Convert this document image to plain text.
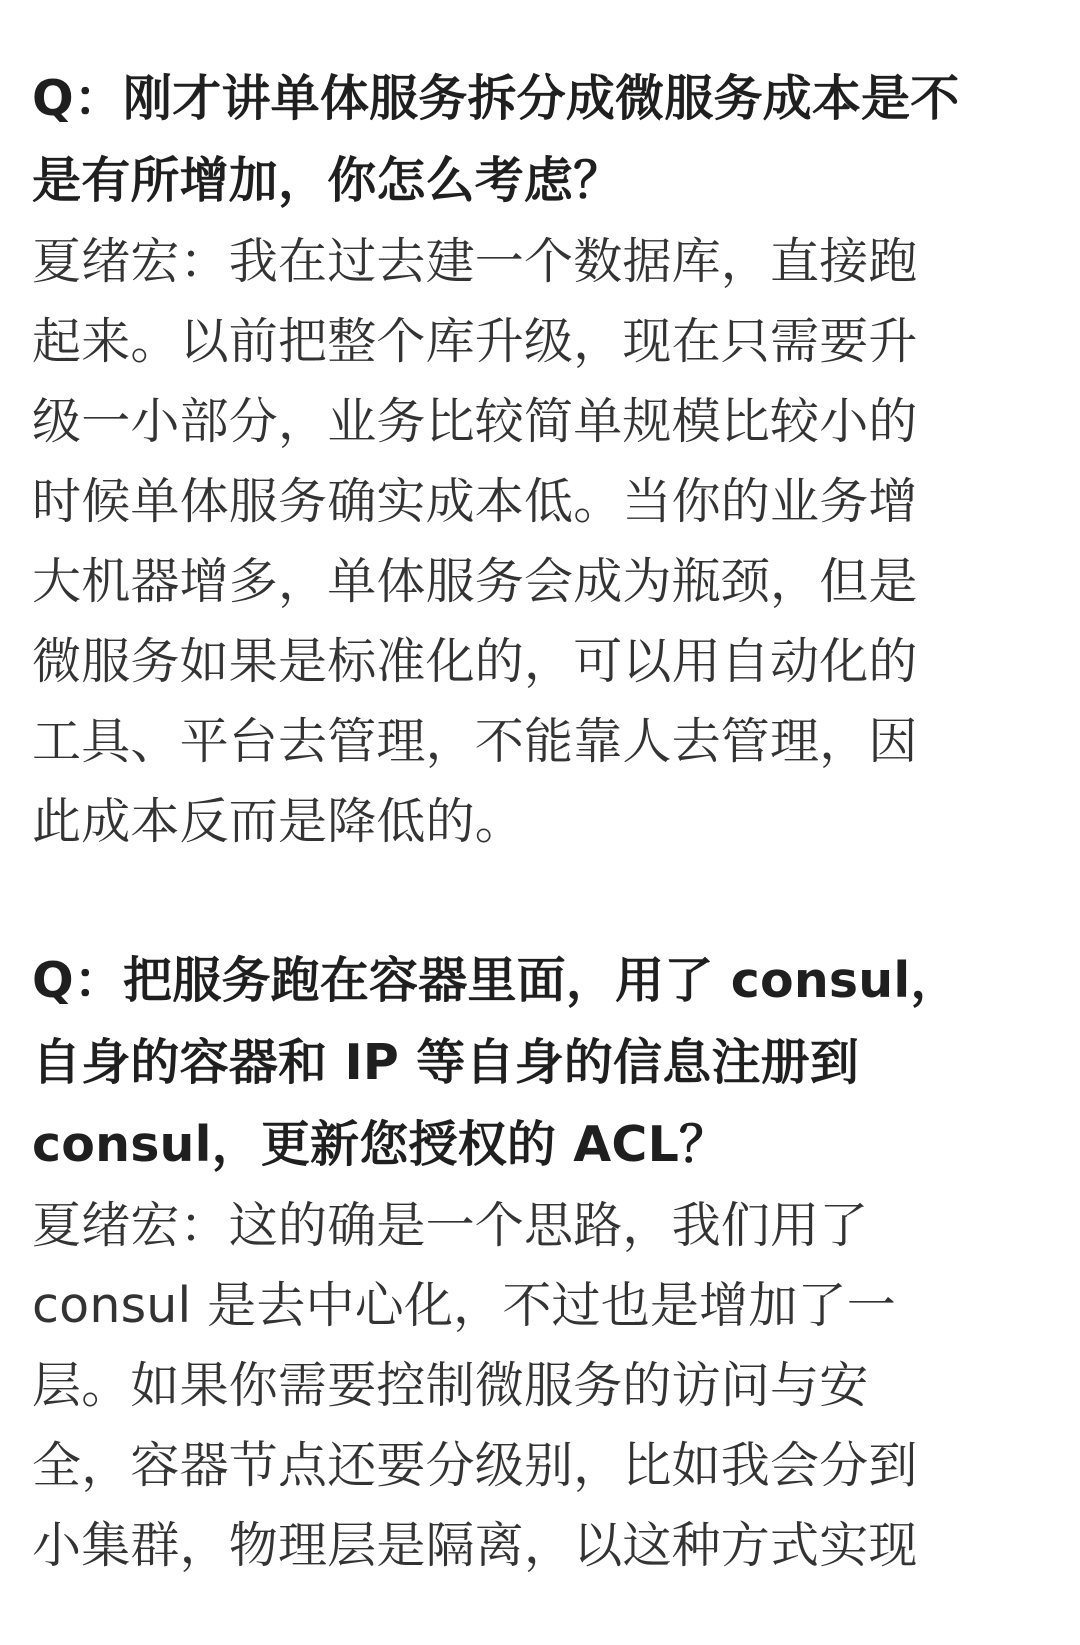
Q：刚才讲单体服务拆分成微服务成本是不
是有所增加，你怎么考虑？

夏绪宏：我在过去建一个数据库，直接跑
起来。以前把整个库升级，现在只需要升
级一小部分，业务比较简单规模比较小的
时候单体服务确实成本低。当你的业务增
大机器增多，单体服务会成为瓶颈，但是
微服务如果是标准化的，可以用自动化的
工具、平台去管理，不能靠人去管理，因
此成本反而是降低的。

Q：把服务跑在容器里面，用了 consul，
自身的容器和 IP 等自身的信息注册到
consul，更新您授权的 ACL？

夏绪宏：这的确是一个思路，我们用了
consul 是去中心化，不过也是增加了一
层。如果你需要控制微服务的访问与安
全，容器节点还要分级别，比如我会分到
小集群，物理层是隔离，以这种方式实现
